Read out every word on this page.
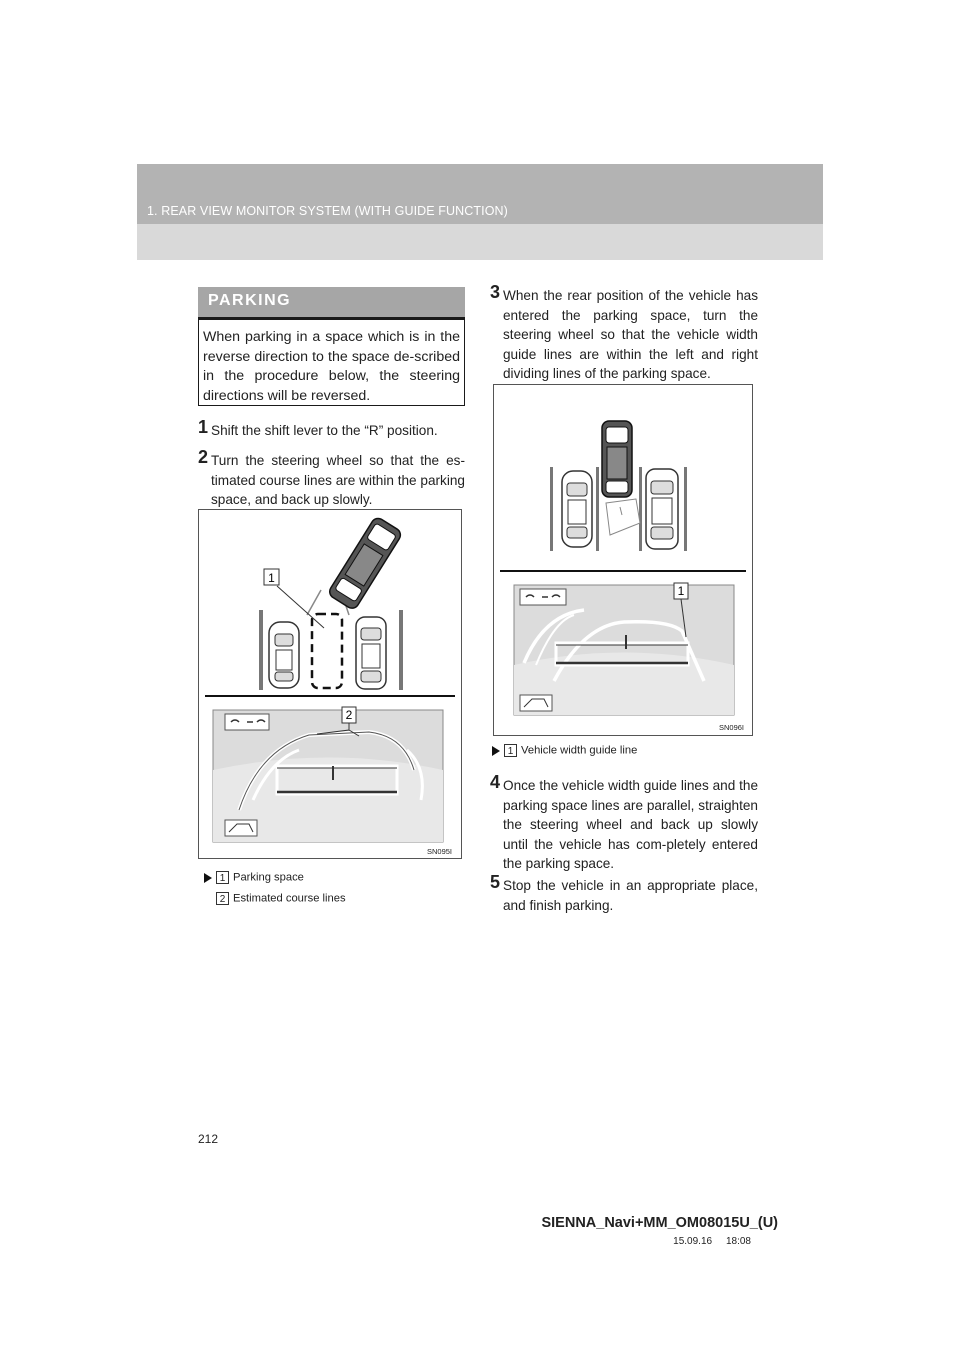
1. REAR VIEW MONITOR SYSTEM (WITH GUIDE FUNCTION)
PARKING
When parking in a space which is in the reverse direction to the space de-scribed in the procedure below, the steering directions will be reversed.
1 Shift the shift lever to the “R” position.
2 Turn the steering wheel so that the es-timated course lines are within the parking space, and back up slowly.
1
2
SN095I
1 Parking space
2 Estimated course lines
3 When the rear position of the vehicle has entered the parking space, turn the steering wheel so that the vehicle width guide lines are within the left and right dividing lines of the parking space.
1
SN096I
1 Vehicle width guide line
4 Once the vehicle width guide lines and the parking space lines are parallel, straighten the steering wheel and back up slowly until the vehicle has com-pletely entered the parking space.
5 Stop the vehicle in an appropriate place, and finish parking.
212
SIENNA_Navi+MM_OM08015U_(U)
15.09.16     18:08
